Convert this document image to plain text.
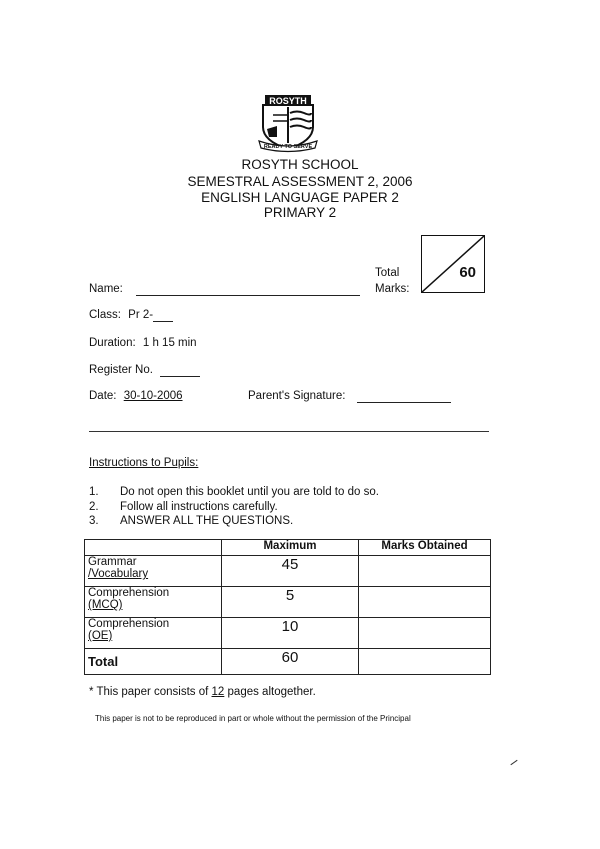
ROSYTH
READY TO SERVE
ROSYTH SCHOOL
SEMESTRAL ASSESSMENT 2, 2006
ENGLISH LANGUAGE PAPER 2
PRIMARY 2
Total
Marks:
60
Name:
Class: Pr 2-
Duration: 1 h 15 min
Register No.
Date: 30-10-2006	Parent's Signature:
Instructions to Pupils:
1. Do not open this booklet until you are told to do so.
2. Follow all instructions carefully.
3. ANSWER ALL THE QUESTIONS.
	Maximum	Marks Obtained

Grammar
/Vocabulary	45	

Comprehension
(MCQ)	5	

Comprehension
(OE)	10	
Total	60	
* This paper consists of 12 pages altogether.
This paper is not to be reproduced in part or whole without the permission of the Principal
